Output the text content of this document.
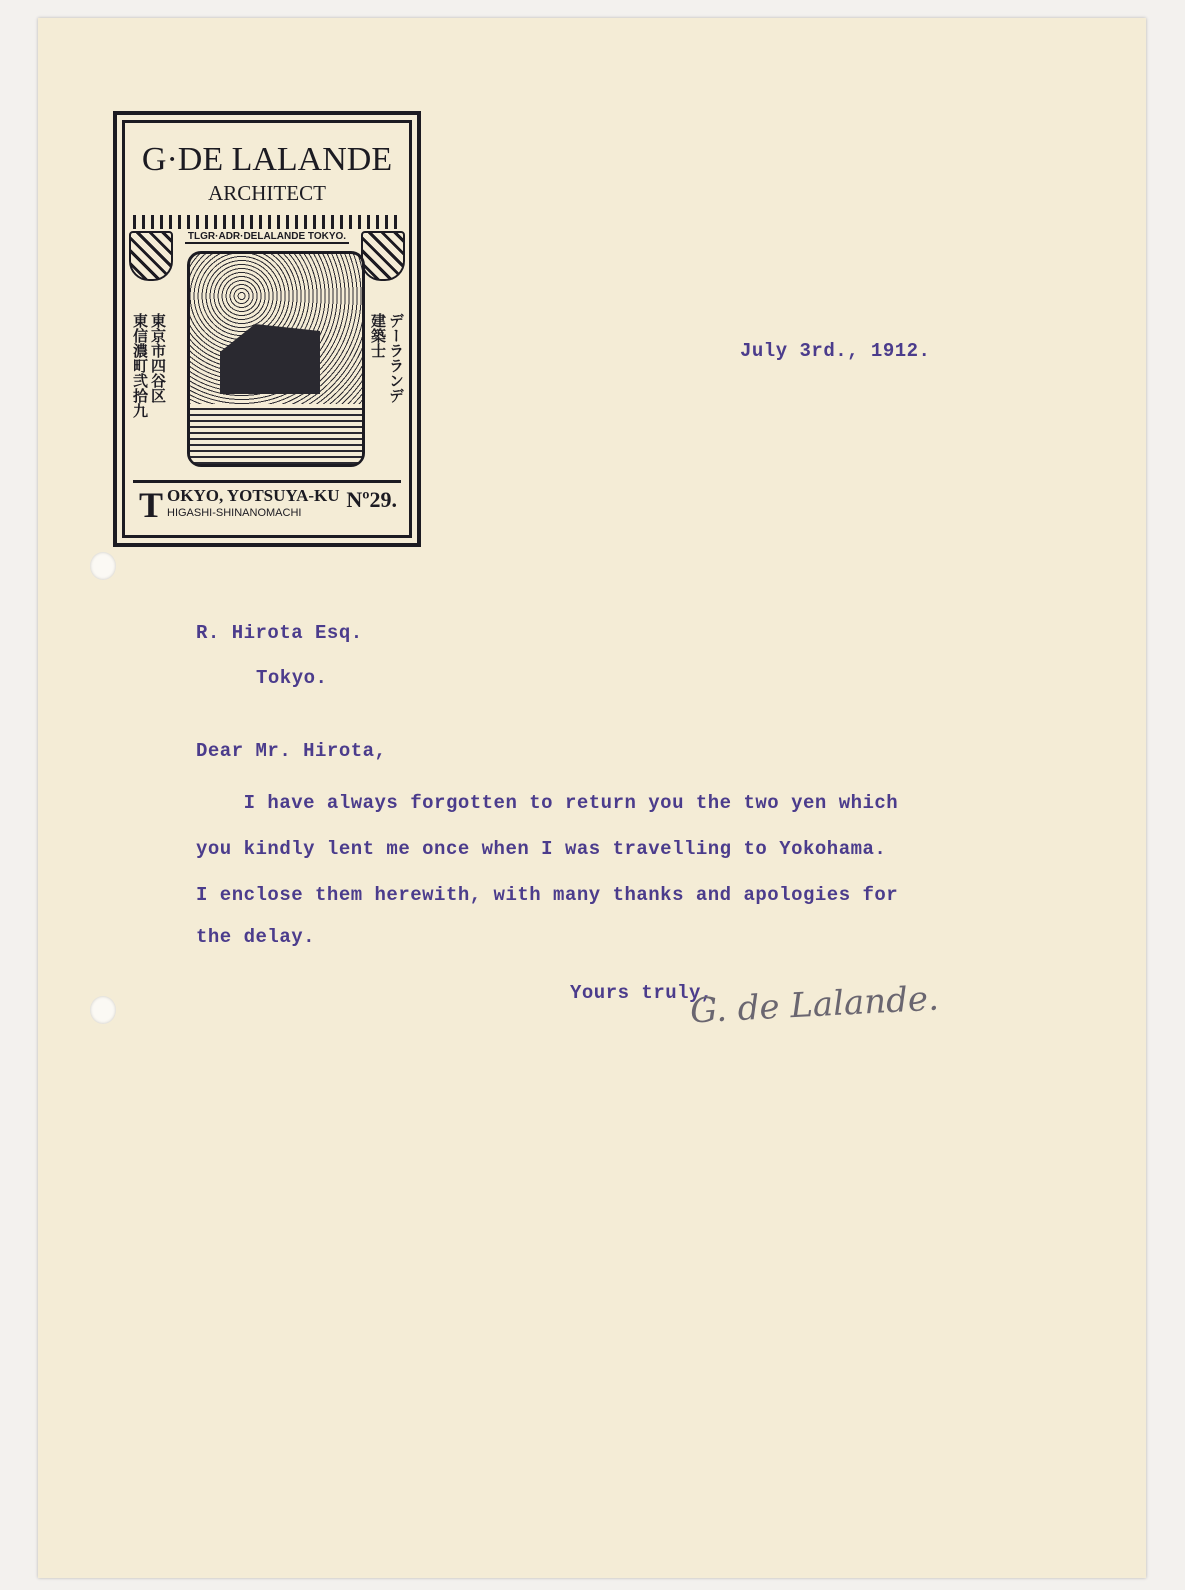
G·DE LALANDE
ARCHITECT
TLGR·ADR·DELALANDE TOKYO.
東京市四谷区
東信濃町弐拾九	建築士 デーラランデ
T OKYO, YOTSUYA-KU
HIGASHI-SHINANOMACHI
Nº29.
July 3rd., 1912.
R. Hirota Esq.
Tokyo.
Dear Mr. Hirota,
I have always forgotten to return you the two yen which
you kindly lent me once when I was travelling to Yokohama.
I enclose them herewith, with many thanks and apologies for
the delay.
Yours truly,
G. de Lalande.
